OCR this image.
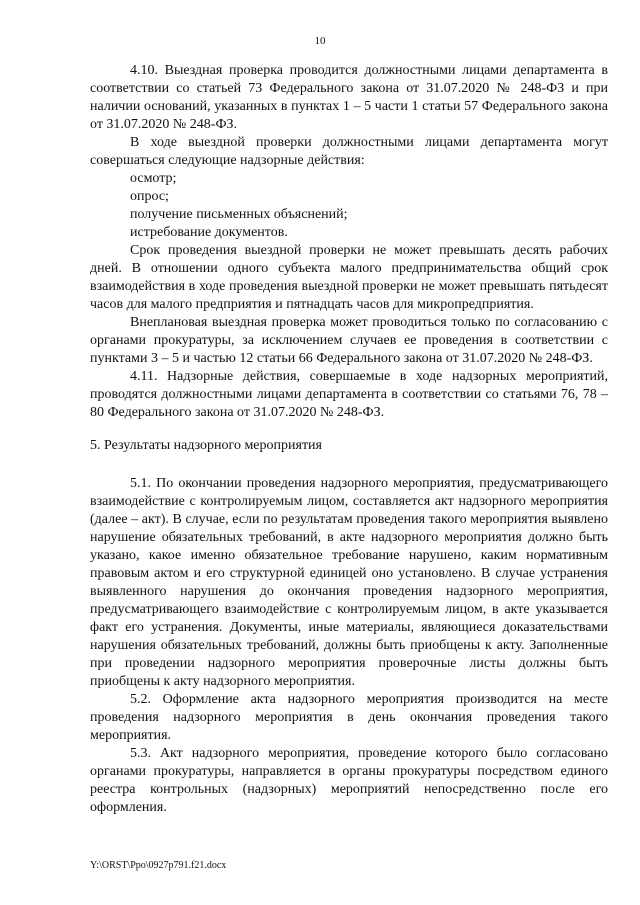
10

4.10. Выездная проверка проводится должностными лицами департамента в соответствии со статьей 73 Федерального закона от 31.07.2020 № 248-ФЗ и при наличии оснований, указанных в пунктах 1 – 5 части 1 статьи 57 Федерального закона от 31.07.2020 № 248-ФЗ.

В ходе выездной проверки должностными лицами департамента могут совершаться следующие надзорные действия:

осмотр;

опрос;

получение письменных объяснений;

истребование документов.

Срок проведения выездной проверки не может превышать десять рабочих дней. В отношении одного субъекта малого предпринимательства общий срок взаимодействия в ходе проведения выездной проверки не может превышать пятьдесят часов для малого предприятия и пятнадцать часов для микропредприятия.

Внеплановая выездная проверка может проводиться только по согласованию с органами прокуратуры, за исключением случаев ее проведения в соответствии с пунктами 3 – 5 и частью 12 статьи 66 Федерального закона от 31.07.2020 № 248-ФЗ.

4.11. Надзорные действия, совершаемые в ходе надзорных мероприятий, проводятся должностными лицами департамента в соответствии со статьями 76, 78 – 80 Федерального закона от 31.07.2020 № 248-ФЗ.

5. Результаты надзорного мероприятия

5.1. По окончании проведения надзорного мероприятия, предусматривающего взаимодействие с контролируемым лицом, составляется акт надзорного мероприятия (далее – акт). В случае, если по результатам проведения такого мероприятия выявлено нарушение обязательных требований, в акте надзорного мероприятия должно быть указано, какое именно обязательное требование нарушено, каким нормативным правовым актом и его структурной единицей оно установлено. В случае устранения выявленного нарушения до окончания проведения надзорного мероприятия, предусматривающего взаимодействие с контролируемым лицом, в акте указывается факт его устранения. Документы, иные материалы, являющиеся доказательствами нарушения обязательных требований, должны быть приобщены к акту. Заполненные при проведении надзорного мероприятия проверочные листы должны быть приобщены к акту надзорного мероприятия.

5.2. Оформление акта надзорного мероприятия производится на месте проведения надзорного мероприятия в день окончания проведения такого мероприятия.

5.3. Акт надзорного мероприятия, проведение которого было согласовано органами прокуратуры, направляется в органы прокуратуры посредством единого реестра контрольных (надзорных) мероприятий непосредственно после его оформления.

Y:\ORST\Ppo\0927p791.f21.docx
